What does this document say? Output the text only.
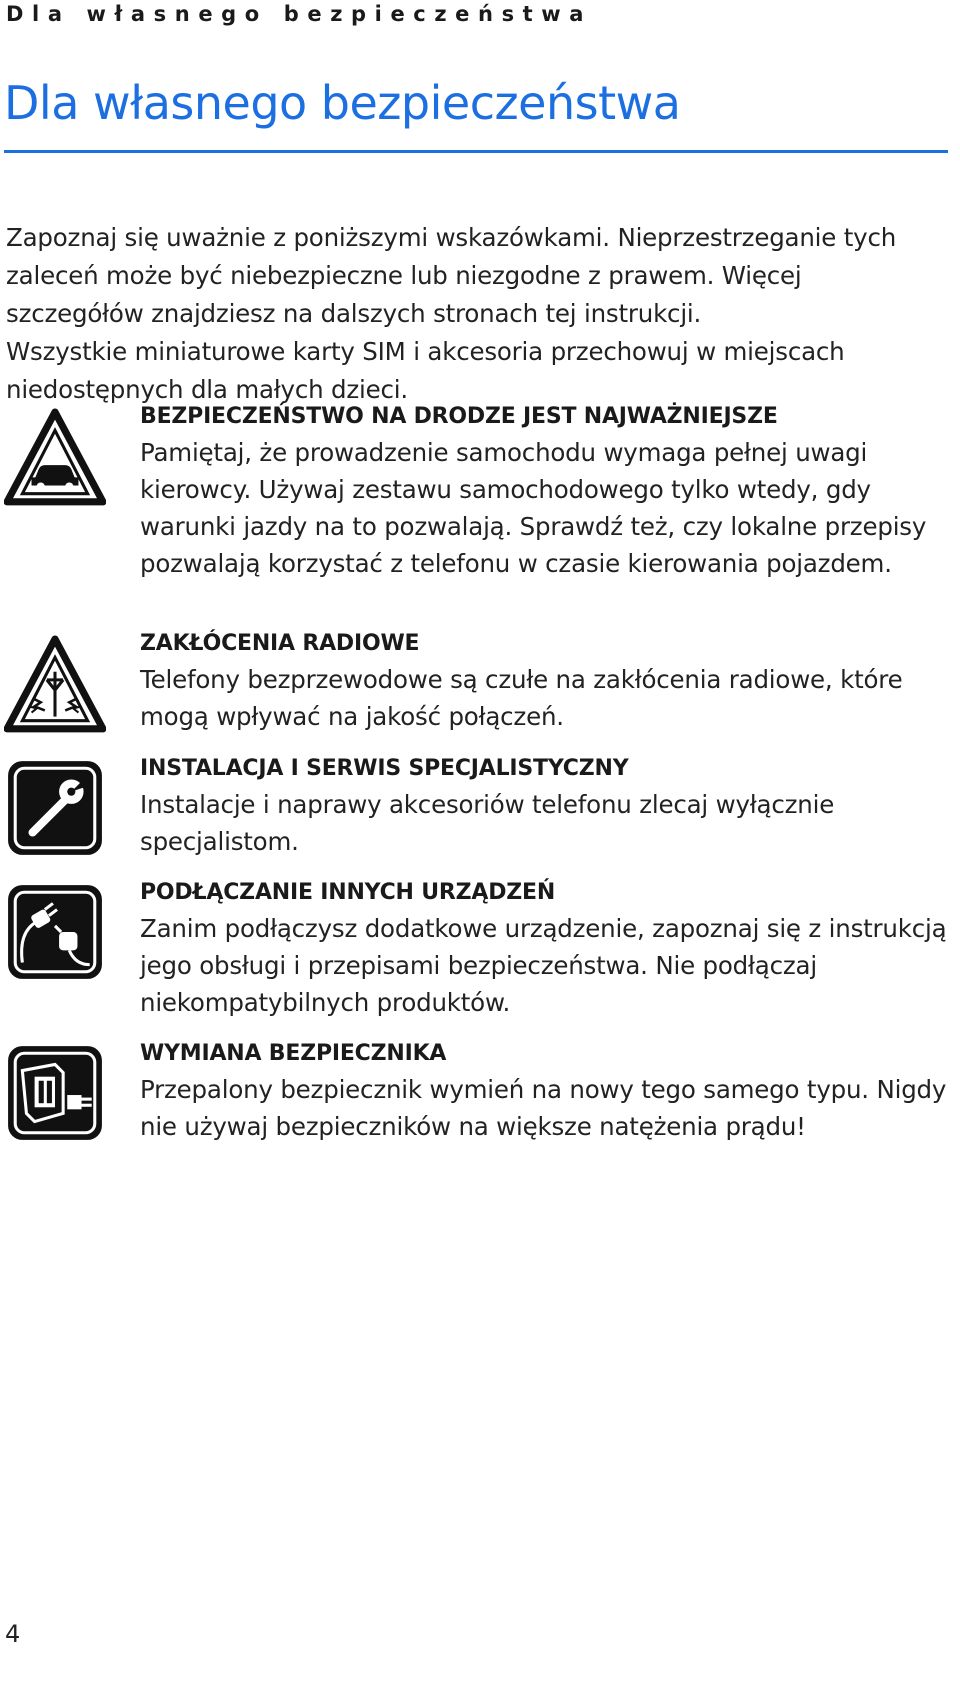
Dla własnego bezpieczeństwa
Dla własnego bezpieczeństwa

Zapoznaj się uważnie z poniższymi wskazówkami. Nieprzestrzeganie tych zaleceń może być niebezpieczne lub niezgodne z prawem. Więcej szczegółów znajdziesz na dalszych stronach tej instrukcji.

Wszystkie miniaturowe karty SIM i akcesoria przechowuj w miejscach niedostępnych dla małych dzieci.

BEZPIECZEŃSTWO NA DRODZE JEST NAJWAŻNIEJSZE

Pamiętaj, że prowadzenie samochodu wymaga pełnej uwagi kierowcy. Używaj zestawu samochodowego tylko wtedy, gdy warunki jazdy na to pozwalają. Sprawdź też, czy lokalne przepisy pozwalają korzystać z telefonu w czasie kierowania pojazdem.

ZAKŁÓCENIA RADIOWE

Telefony bezprzewodowe są czułe na zakłócenia radiowe, które mogą wpływać na jakość połączeń.

INSTALACJA I SERWIS SPECJALISTYCZNY

Instalacje i naprawy akcesoriów telefonu zlecaj wyłącznie specjalistom.

PODŁĄCZANIE INNYCH URZĄDZEŃ

Zanim podłączysz dodatkowe urządzenie, zapoznaj się z instrukcją jego obsługi i przepisami bezpieczeństwa. Nie podłączaj niekompatybilnych produktów.

WYMIANA BEZPIECZNIKA

Przepalony bezpiecznik wymień na nowy tego samego typu. Nigdy nie używaj bezpieczników na większe natężenia prądu!

4
